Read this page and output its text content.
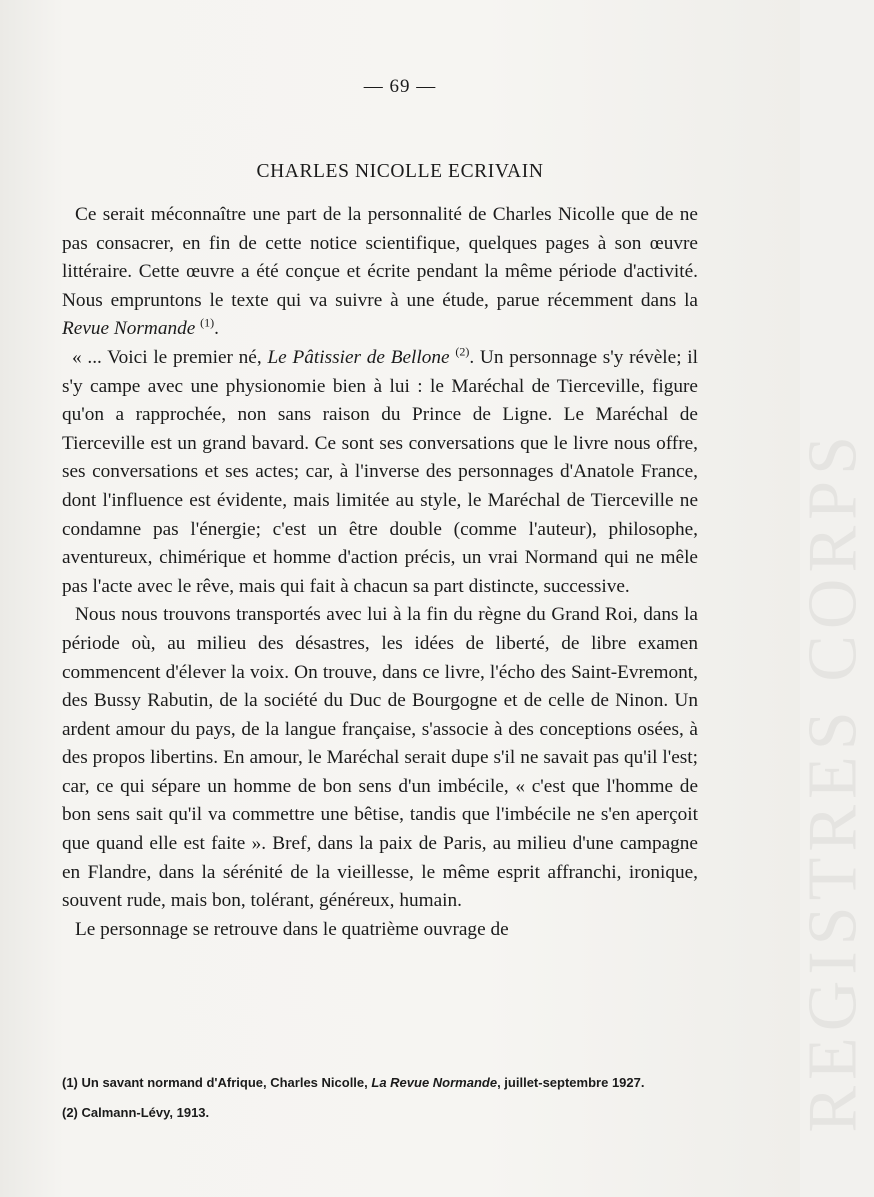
REGISTRES CORPS
— 69 —
CHARLES NICOLLE ECRIVAIN

Ce serait méconnaître une part de la personnalité de Charles Nicolle que de ne pas consacrer, en fin de cette notice scientifique, quelques pages à son œuvre littéraire. Cette œuvre a été conçue et écrite pendant la même période d'activité. Nous empruntons le texte qui va suivre à une étude, parue récemment dans la Revue Normande $^{(1)}$.

« ... Voici le premier né, Le Pâtissier de Bellone $^{(2)}$. Un personnage s'y révèle; il s'y campe avec une physionomie bien à lui : le Maréchal de Tierceville, figure qu'on a rapprochée, non sans raison du Prince de Ligne. Le Maréchal de Tierceville est un grand bavard. Ce sont ses conversations que le livre nous offre, ses conversations et ses actes; car, à l'inverse des personnages d'Anatole France, dont l'influence est évidente, mais limitée au style, le Maréchal de Tierceville ne condamne pas l'énergie; c'est un être double (comme l'auteur), philosophe, aventureux, chimérique et homme d'action précis, un vrai Normand qui ne mêle pas l'acte avec le rêve, mais qui fait à chacun sa part distincte, successive.

Nous nous trouvons transportés avec lui à la fin du règne du Grand Roi, dans la période où, au milieu des désastres, les idées de liberté, de libre examen commencent d'élever la voix. On trouve, dans ce livre, l'écho des Saint-Evremont, des Bussy Rabutin, de la société du Duc de Bourgogne et de celle de Ninon. Un ardent amour du pays, de la langue française, s'associe à des conceptions osées, à des propos libertins. En amour, le Maréchal serait dupe s'il ne savait pas qu'il l'est; car, ce qui sépare un homme de bon sens d'un imbécile, « c'est que l'homme de bon sens sait qu'il va commettre une bêtise, tandis que l'imbécile ne s'en aperçoit que quand elle est faite ». Bref, dans la paix de Paris, au milieu d'une campagne en Flandre, dans la sérénité de la vieillesse, le même esprit affranchi, ironique, souvent rude, mais bon, tolérant, généreux, humain.

Le personnage se retrouve dans le quatrième ouvrage de

(1) Un savant normand d'Afrique, Charles Nicolle, La Revue Normande, juillet-septembre 1927.

(2) Calmann-Lévy, 1913.
